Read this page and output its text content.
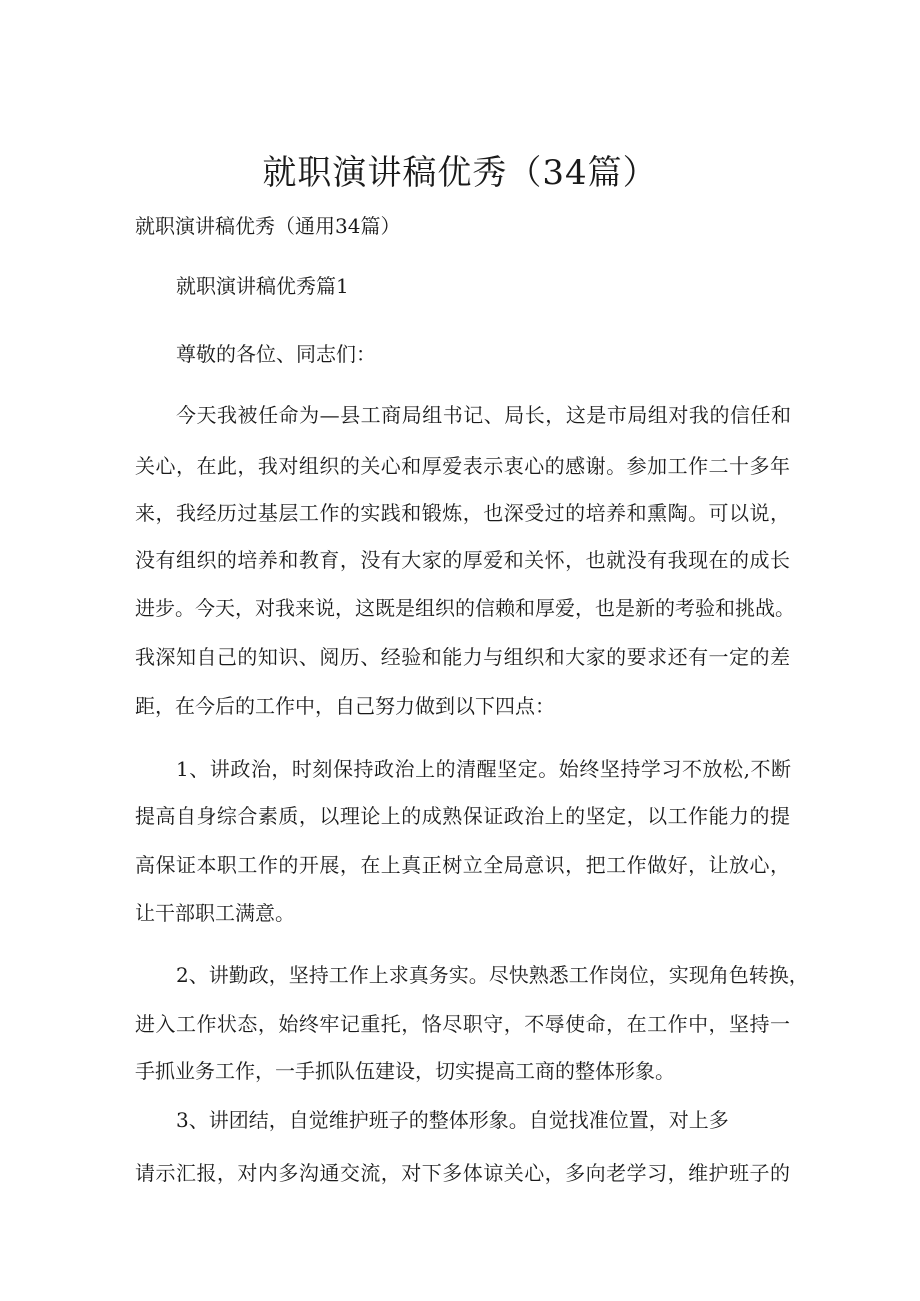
就职演讲稿优秀（34篇）

就职演讲稿优秀（通用34篇）

就职演讲稿优秀篇1

尊敬的各位、同志们：

今天我被任命为—县工商局组书记、局长，这是市局组对我的信任和

关心，在此，我对组织的关心和厚爱表示衷心的感谢。参加工作二十多年

来，我经历过基层工作的实践和锻炼，也深受过的培养和熏陶。可以说，

没有组织的培养和教育，没有大家的厚爱和关怀，也就没有我现在的成长

进步。今天，对我来说，这既是组织的信赖和厚爱，也是新的考验和挑战。

我深知自己的知识、阅历、经验和能力与组织和大家的要求还有一定的差

距，在今后的工作中，自己努力做到以下四点：

1、讲政治，时刻保持政治上的清醒坚定。始终坚持学习不放松,不断

提高自身综合素质，以理论上的成熟保证政治上的坚定，以工作能力的提

高保证本职工作的开展，在上真正树立全局意识，把工作做好，让放心，

让干部职工满意。

2、讲勤政，坚持工作上求真务实。尽快熟悉工作岗位，实现角色转换，

进入工作状态，始终牢记重托，恪尽职守，不辱使命，在工作中，坚持一

手抓业务工作，一手抓队伍建设，切实提高工商的整体形象。

3、讲团结，自觉维护班子的整体形象。自觉找准位置，对上多

请示汇报，对内多沟通交流，对下多体谅关心，多向老学习，维护班子的
